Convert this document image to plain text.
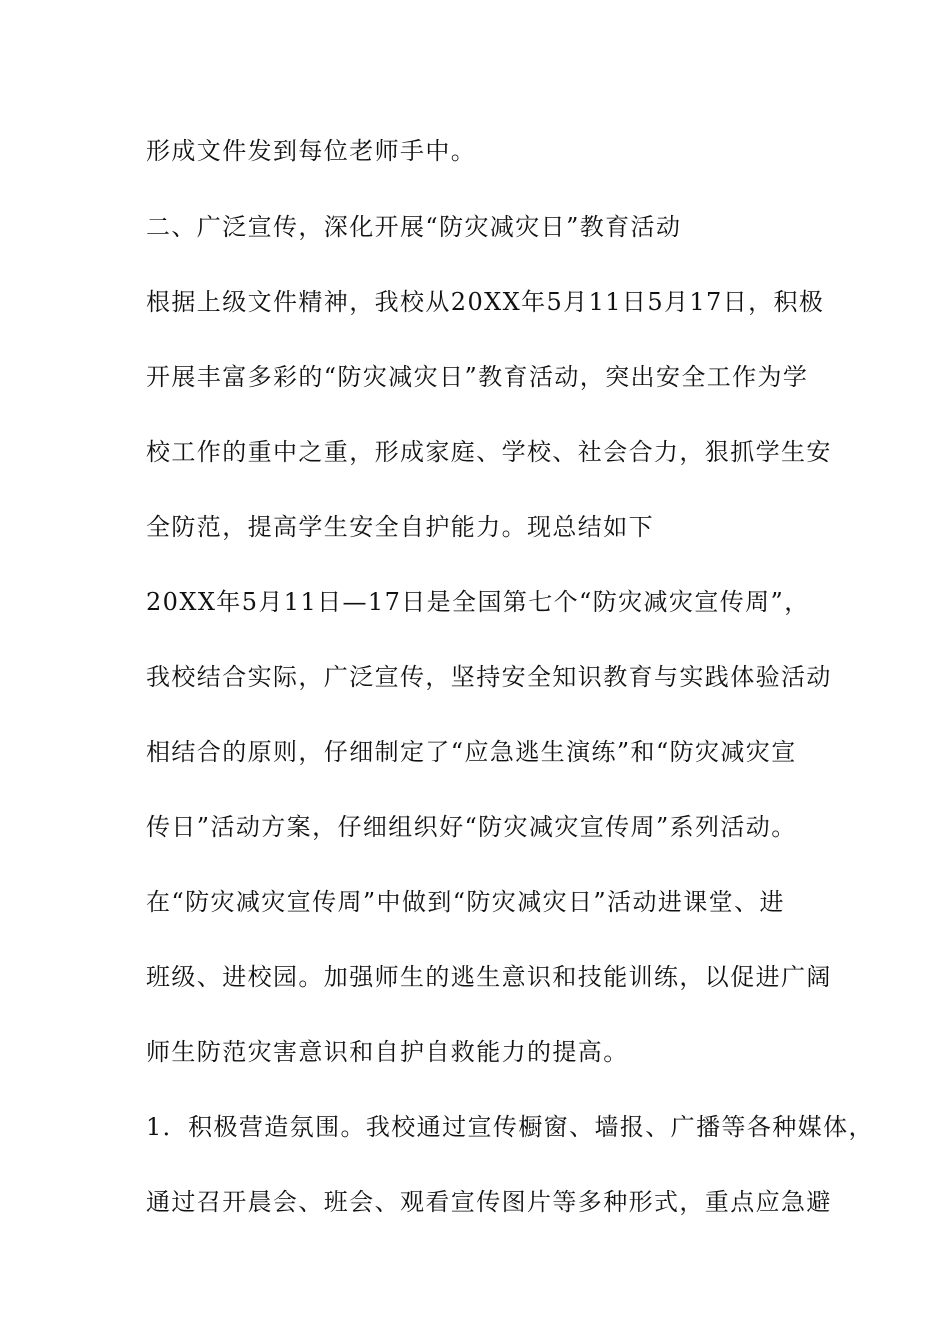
形成文件发到每位老师手中。
二、广泛宣传，深化开展“防灾减灾日”教育活动
根据上级文件精神，我校从20XX年5月11日5月17日，积极
开展丰富多彩的“防灾减灾日”教育活动，突出安全工作为学
校工作的重中之重，形成家庭、学校、社会合力，狠抓学生安
全防范，提高学生安全自护能力。现总结如下
20XX年5月11日—17日是全国第七个“防灾减灾宣传周”，
我校结合实际，广泛宣传，坚持安全知识教育与实践体验活动
相结合的原则，仔细制定了“应急逃生演练”和“防灾减灾宣
传日”活动方案，仔细组织好“防灾减灾宣传周”系列活动。
在“防灾减灾宣传周”中做到“防灾减灾日”活动进课堂、进
班级、进校园。加强师生的逃生意识和技能训练，以促进广阔
师生防范灾害意识和自护自救能力的提高。
1．积极营造氛围。我校通过宣传橱窗、墙报、广播等各种媒体，
通过召开晨会、班会、观看宣传图片等多种形式，重点应急避
